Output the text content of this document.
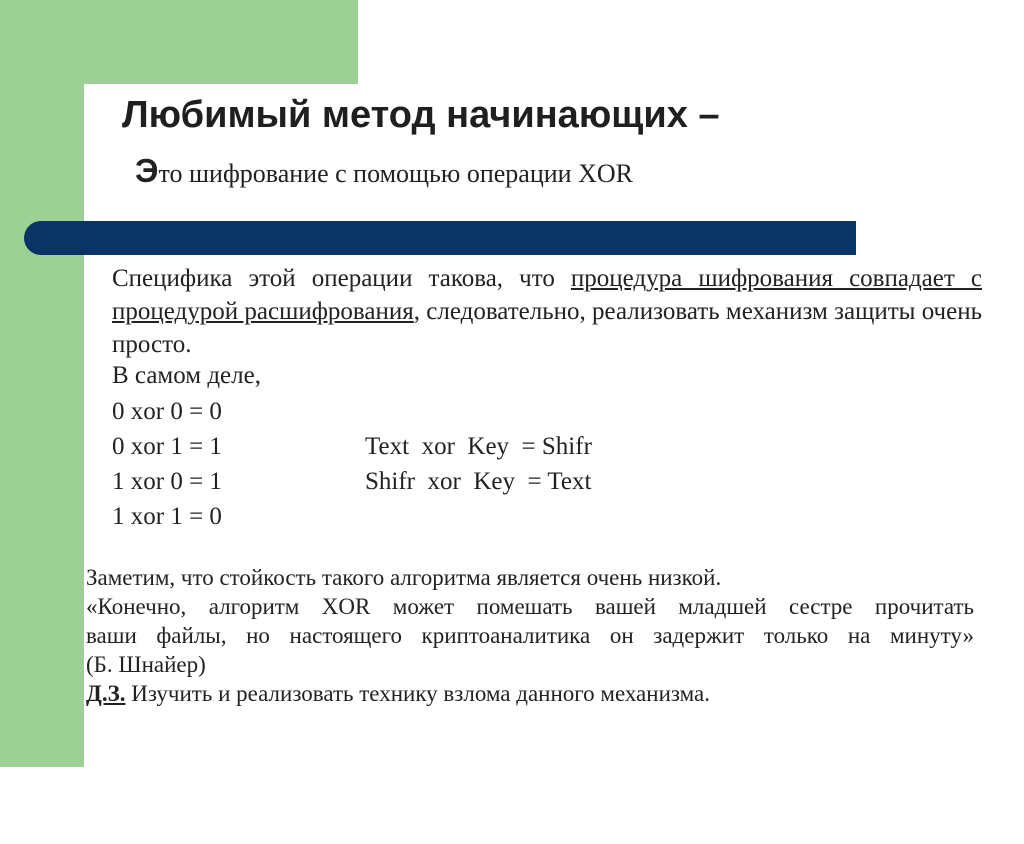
Любимый метод начинающих –
Это шифрование с помощью операции XOR

Специфика этой операции такова, что процедура шифрования совпадает с процедурой расшифрования, следовательно, реализовать механизм защиты очень просто.

В самом деле,
0 xor 0 = 0
0 xor 1 = 1
1 xor 0 = 1
1 xor 1 = 0
Text  xor  Key  = Shifr
Shifr  xor  Key  = Text

Заметим, что стойкость такого алгоритма является очень низкой.

«Конечно, алгоритм XOR может помешать вашей младшей сестре прочитать

ваши файлы, но настоящего криптоаналитика он задержит только на минуту»

(Б. Шнайер)

Д.З. Изучить и реализовать технику взлома данного механизма.
